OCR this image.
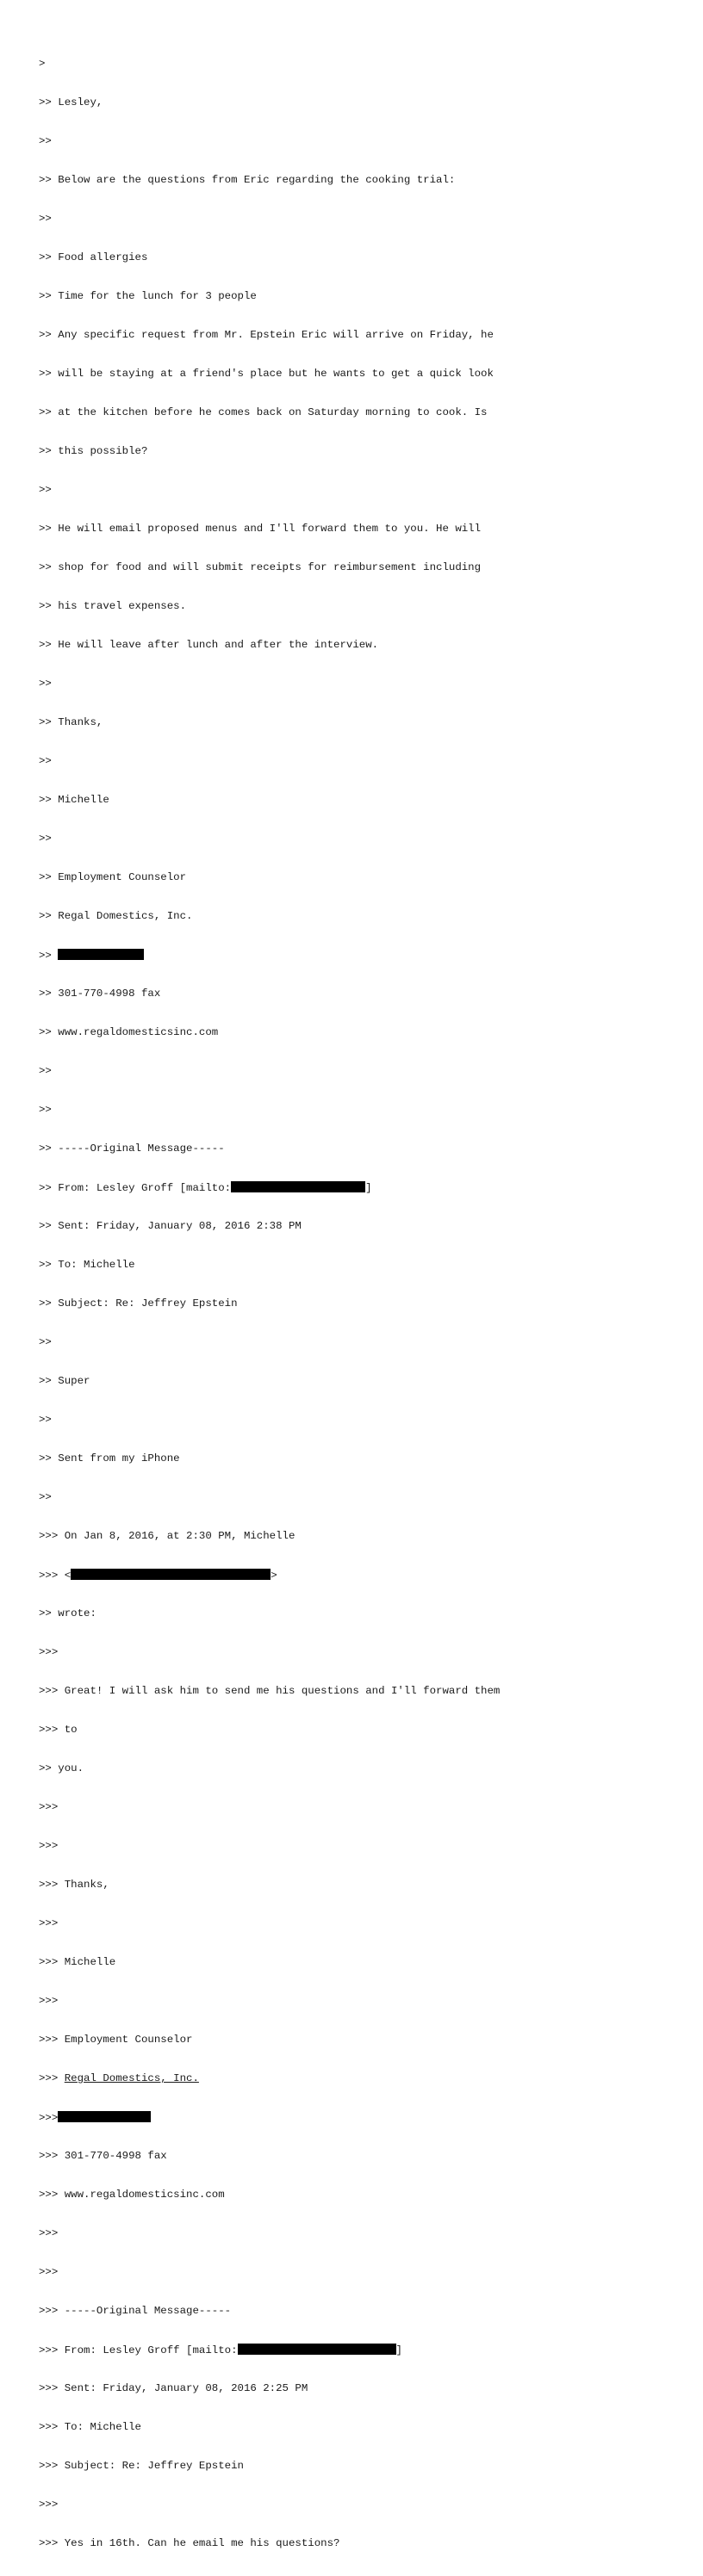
>

>> Lesley,

>>

>> Below are the questions from Eric regarding the cooking trial:

>>

>> Food allergies

>> Time for the lunch for 3 people

>> Any specific request from Mr. Epstein Eric will arrive on Friday, he

>> will be staying at a friend's place but he wants to get a quick look

>> at the kitchen before he comes back on Saturday morning to cook. Is

>> this possible?

>>

>> He will email proposed menus and I'll forward them to you. He will

>> shop for food and will submit receipts for reimbursement including

>> his travel expenses.

>> He will leave after lunch and after the interview.

>>

>> Thanks,

>>

>> Michelle

>>

>> Employment Counselor

>> Regal Domestics, Inc.

>>

>> 301-770-4998 fax

>> www.regaldomesticsinc.com

>>

>>

>> -----Original Message-----

>> From: Lesley Groff [mailto:	]

>> Sent: Friday, January 08, 2016 2:38 PM

>> To: Michelle

>> Subject: Re: Jeffrey Epstein

>>

>> Super

>>

>> Sent from my iPhone

>>

>>> On Jan 8, 2016, at 2:30 PM, Michelle

>>> <	>

>> wrote:

>>>

>>> Great! I will ask him to send me his questions and I'll forward them

>>> to

>> you.

>>>

>>>

>>> Thanks,

>>>

>>> Michelle

>>>

>>> Employment Counselor

>>> Regal Domestics, Inc.

>>>

>>> 301-770-4998 fax

>>> www.regaldomesticsinc.com

>>>

>>>

>>> -----Original Message-----

>>> From: Lesley Groff [mailto:	]

>>> Sent: Friday, January 08, 2016 2:25 PM

>>> To: Michelle

>>> Subject: Re: Jeffrey Epstein

>>>

>>> Yes in 16th. Can he email me his questions?
